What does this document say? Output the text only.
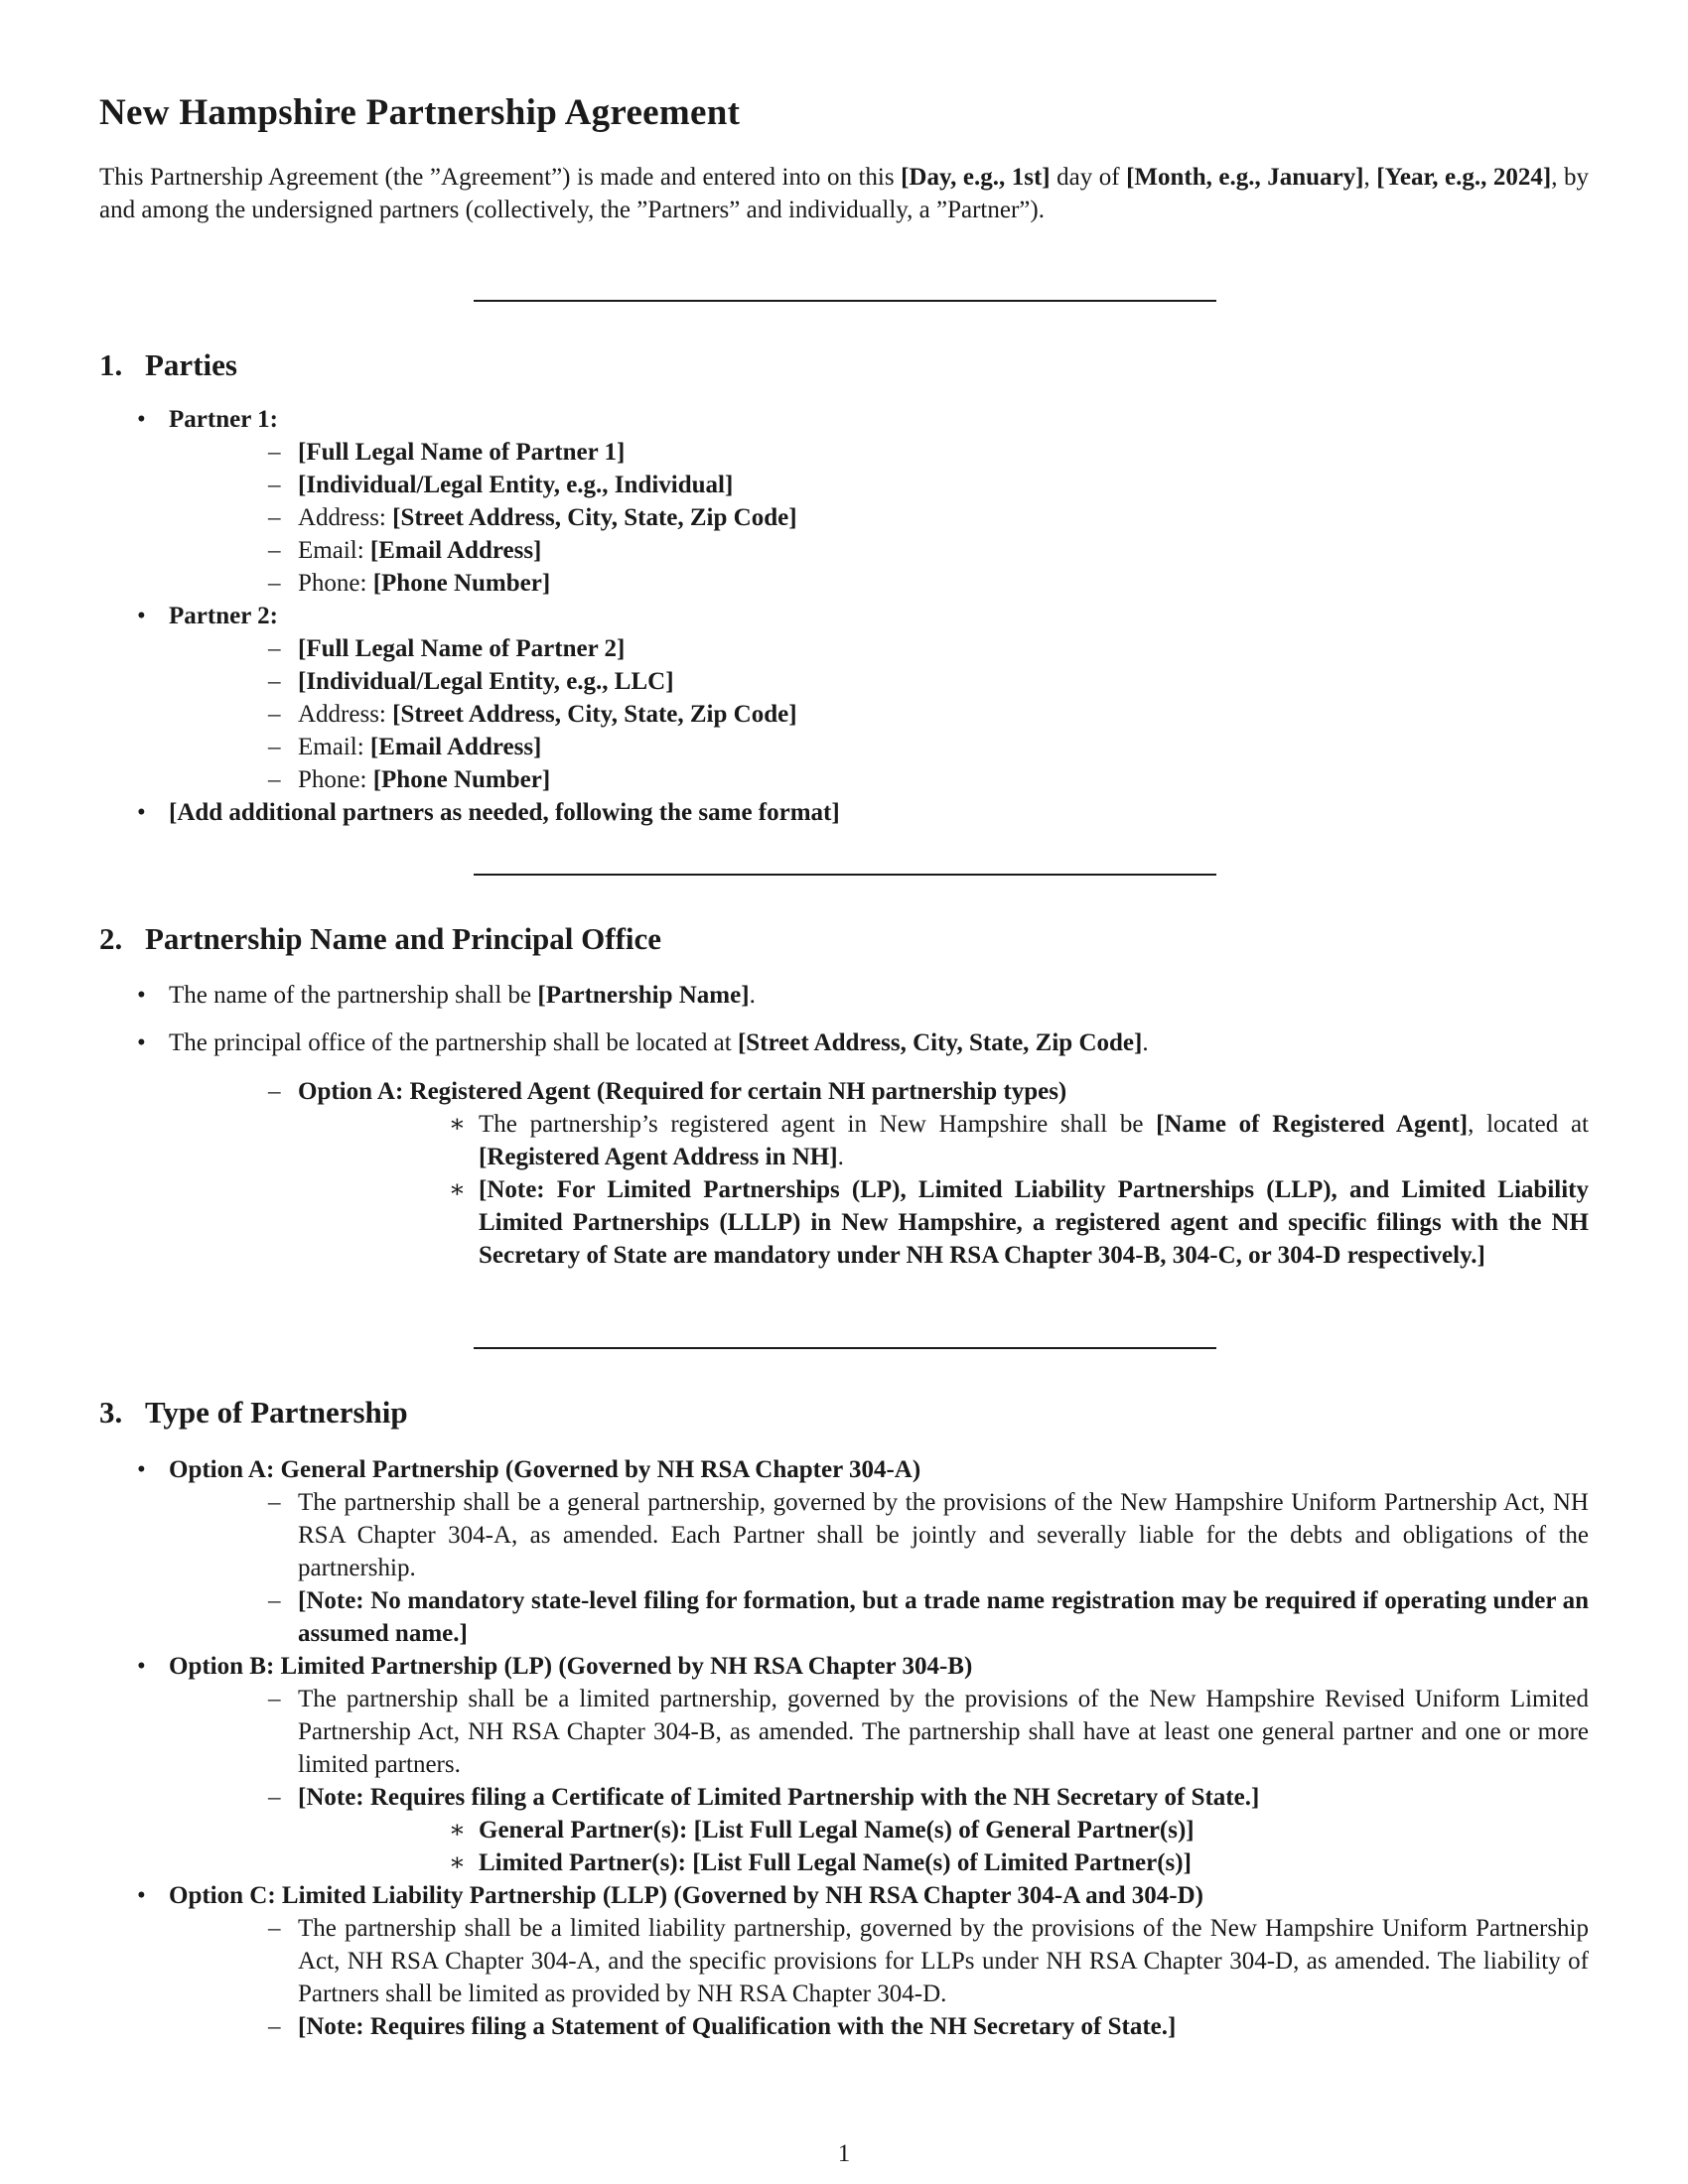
New Hampshire Partnership Agreement

This Partnership Agreement (the ”Agreement”) is made and entered into on this [Day, e.g., 1st] day of [Month, e.g., January], [Year, e.g., 2024], by and among the undersigned partners (collectively, the ”Partners” and individually, a ”Partner”).

1. Parties
• Partner 1:
– [Full Legal Name of Partner 1]
– [Individual/Legal Entity, e.g., Individual]
– Address: [Street Address, City, State, Zip Code]
– Email: [Email Address]
– Phone: [Phone Number]
• Partner 2:
– [Full Legal Name of Partner 2]
– [Individual/Legal Entity, e.g., LLC]
– Address: [Street Address, City, State, Zip Code]
– Email: [Email Address]
– Phone: [Phone Number]
• [Add additional partners as needed, following the same format]
2. Partnership Name and Principal Office
• The name of the partnership shall be [Partnership Name].
• The principal office of the partnership shall be located at [Street Address, City, State, Zip Code].
– Option A: Registered Agent (Required for certain NH partnership types)
∗ The partnership’s registered agent in New Hampshire shall be [Name of Registered Agent], located at [Registered Agent Address in NH].
∗ [Note: For Limited Partnerships (LP), Limited Liability Partnerships (LLP), and Limited Liability Limited Partnerships (LLLP) in New Hampshire, a registered agent and specific filings with the NH Secretary of State are mandatory under NH RSA Chapter 304-B, 304-C, or 304-D respectively.]
3. Type of Partnership
• Option A: General Partnership (Governed by NH RSA Chapter 304-A)
– The partnership shall be a general partnership, governed by the provisions of the New Hampshire Uniform Partnership Act, NH RSA Chapter 304-A, as amended. Each Partner shall be jointly and severally liable for the debts and obligations of the partnership.
– [Note: No mandatory state-level filing for formation, but a trade name registration may be required if operating under an assumed name.]
• Option B: Limited Partnership (LP) (Governed by NH RSA Chapter 304-B)
– The partnership shall be a limited partnership, governed by the provisions of the New Hampshire Revised Uniform Limited Partnership Act, NH RSA Chapter 304-B, as amended. The partnership shall have at least one general partner and one or more limited partners.
– [Note: Requires filing a Certificate of Limited Partnership with the NH Secretary of State.]
∗ General Partner(s): [List Full Legal Name(s) of General Partner(s)]
∗ Limited Partner(s): [List Full Legal Name(s) of Limited Partner(s)]
• Option C: Limited Liability Partnership (LLP) (Governed by NH RSA Chapter 304-A and 304-D)
– The partnership shall be a limited liability partnership, governed by the provisions of the New Hampshire Uniform Partnership Act, NH RSA Chapter 304-A, and the specific provisions for LLPs under NH RSA Chapter 304-D, as amended. The liability of Partners shall be limited as provided by NH RSA Chapter 304-D.
– [Note: Requires filing a Statement of Qualification with the NH Secretary of State.]
1
